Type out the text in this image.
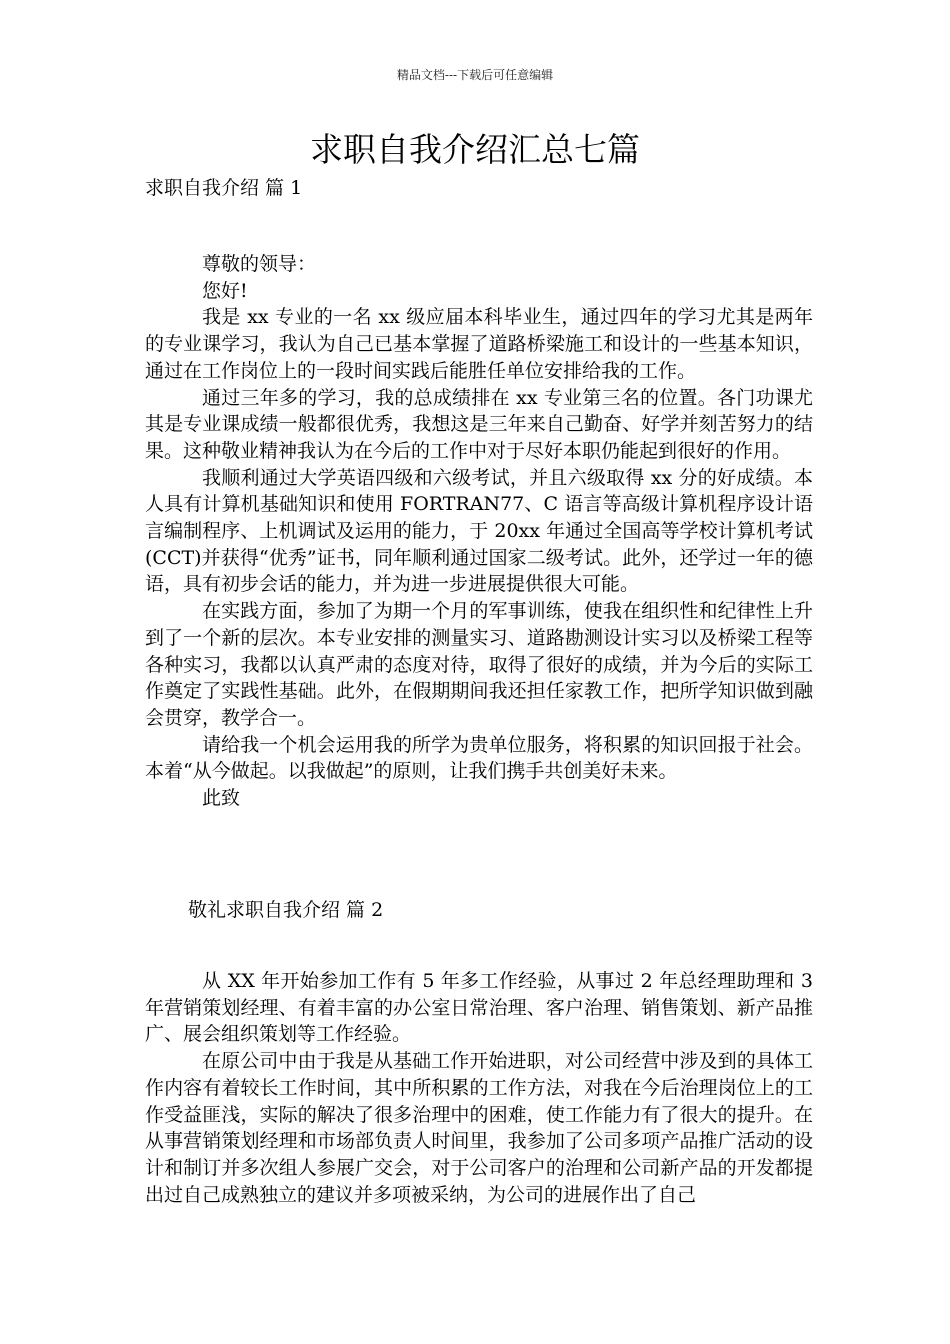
精品文档---下载后可任意编辑
求职自我介绍汇总七篇

求职自我介绍 篇 1

尊敬的领导：

您好!

我是 xx 专业的一名 xx 级应届本科毕业生，通过四年的学习尤其是两年的专业课学习，我认为自己已基本掌握了道路桥梁施工和设计的一些基本知识，通过在工作岗位上的一段时间实践后能胜任单位安排给我的工作。

通过三年多的学习，我的总成绩排在 xx 专业第三名的位置。各门功课尤其是专业课成绩一般都很优秀，我想这是三年来自己勤奋、好学并刻苦努力的结果。这种敬业精神我认为在今后的工作中对于尽好本职仍能起到很好的作用。

我顺利通过大学英语四级和六级考试，并且六级取得 xx 分的好成绩。本人具有计算机基础知识和使用 FORTRAN77、C 语言等高级计算机程序设计语言编制程序、上机调试及运用的能力，于 20xx 年通过全国高等学校计算机考试(CCT)并获得“优秀”证书，同年顺利通过国家二级考试。此外，还学过一年的德语，具有初步会话的能力，并为进一步进展提供很大可能。

在实践方面，参加了为期一个月的军事训练，使我在组织性和纪律性上升到了一个新的层次。本专业安排的测量实习、道路勘测设计实习以及桥梁工程等各种实习，我都以认真严肃的态度对待，取得了很好的成绩，并为今后的实际工作奠定了实践性基础。此外，在假期期间我还担任家教工作，把所学知识做到融会贯穿，教学合一。

请给我一个机会运用我的所学为贵单位服务，将积累的知识回报于社会。本着“从今做起。以我做起”的原则，让我们携手共创美好未来。

此致

敬礼求职自我介绍 篇 2

从 XX 年开始参加工作有 5 年多工作经验，从事过 2 年总经理助理和 3 年营销策划经理、有着丰富的办公室日常治理、客户治理、销售策划、新产品推广、展会组织策划等工作经验。

在原公司中由于我是从基础工作开始进职，对公司经营中涉及到的具体工作内容有着较长工作时间，其中所积累的工作方法，对我在今后治理岗位上的工作受益匪浅，实际的解决了很多治理中的困难，使工作能力有了很大的提升。在从事营销策划经理和市场部负责人时间里，我参加了公司多项产品推广活动的设计和制订并多次组人参展广交会，对于公司客户的治理和公司新产品的开发都提出过自己成熟独立的建议并多项被采纳，为公司的进展作出了自己
